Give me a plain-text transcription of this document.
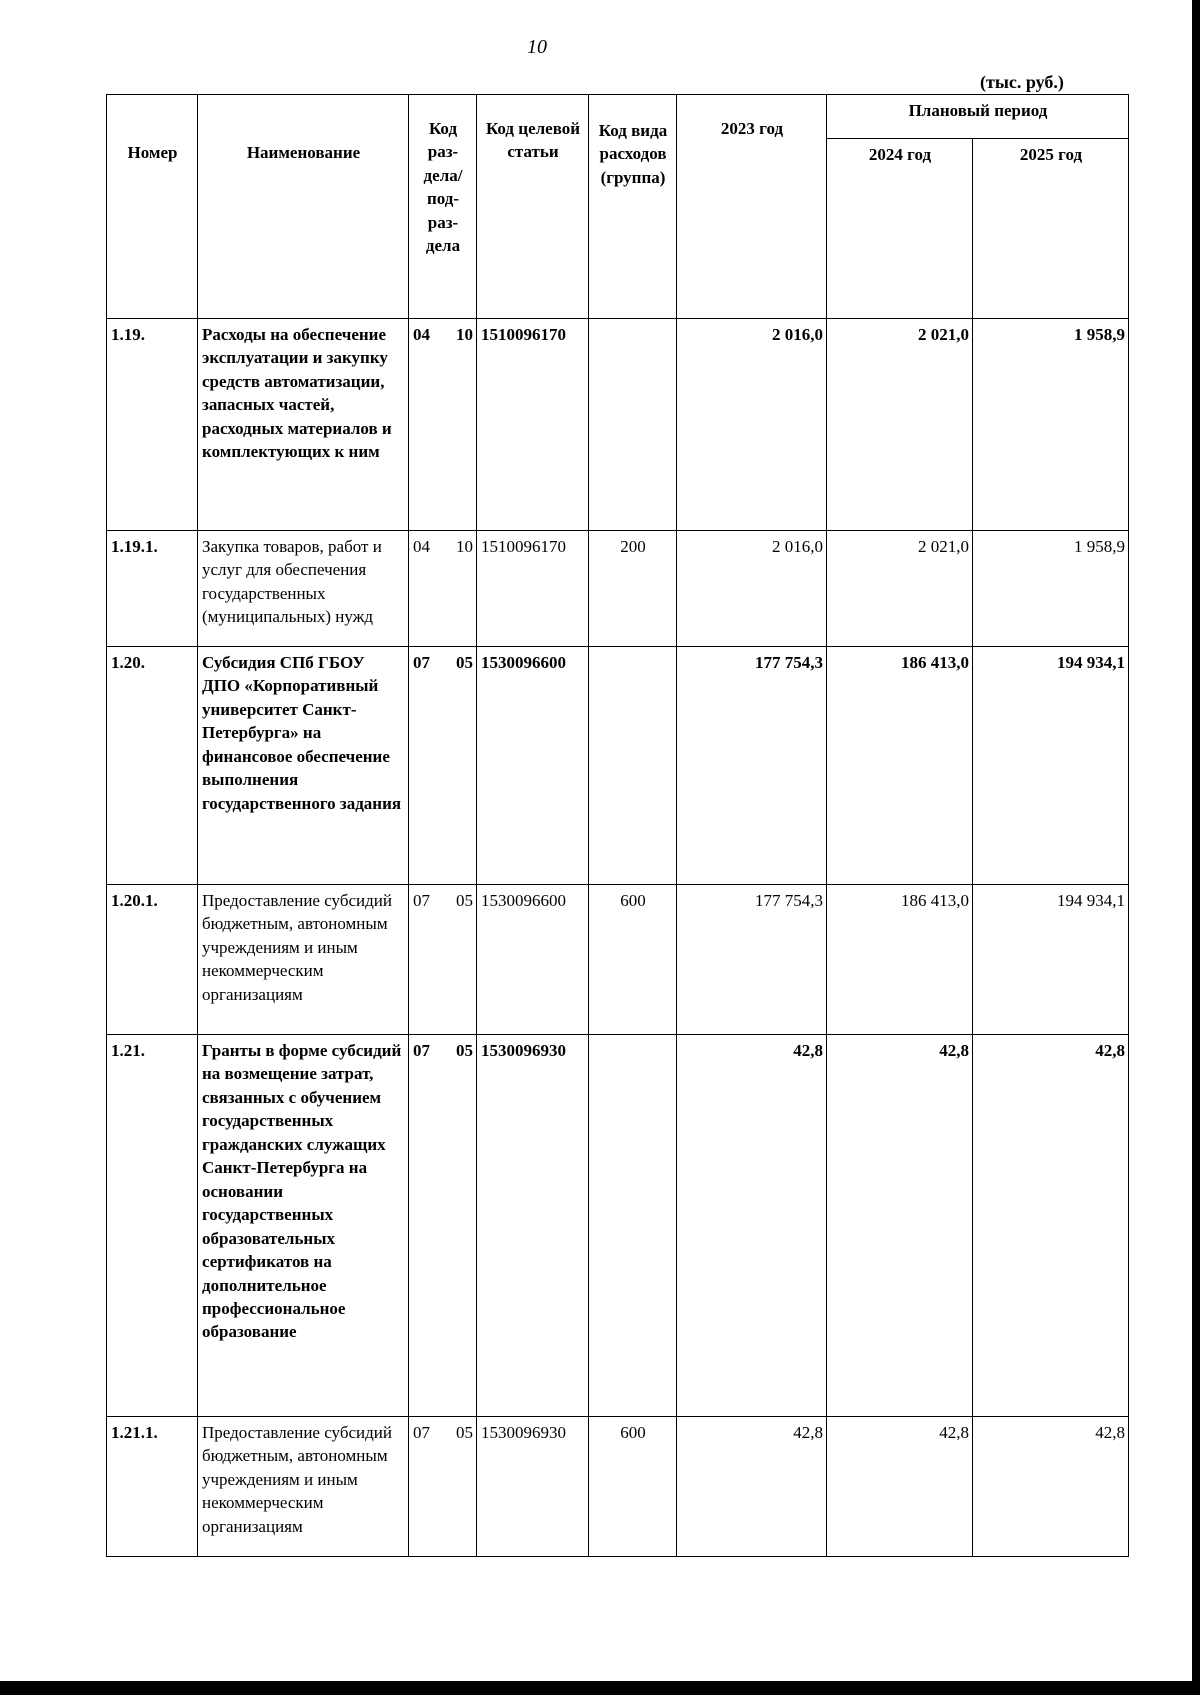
10
(тыс. руб.)
Номер	Наименование	Код раз-дела/ под-раз-дела	Код целевой статьи	Код вида расходов (группа)	2023 год	Плановый период	
						2024 год	2025 год
1.19.	Расходы на обеспечение эксплуатации и закупку средств автоматизации, запасных частей, расходных материалов и комплектующих к ним	04 10	1510096170		2 016,0	2 021,0	1 958,9
1.19.1.	Закупка товаров, работ и услуг для обеспечения государственных (муниципальных) нужд	04 10	1510096170	200	2 016,0	2 021,0	1 958,9
1.20.	Субсидия СПб ГБОУ ДПО «Корпоративный университет Санкт-Петербурга» на финансовое обеспечение выполнения государственного задания	07 05	1530096600		177 754,3	186 413,0	194 934,1
1.20.1.	Предоставление субсидий бюджетным, автономным учреждениям и иным некоммерческим организациям	07 05	1530096600	600	177 754,3	186 413,0	194 934,1
1.21.	Гранты в форме субсидий на возмещение затрат, связанных с обучением государственных гражданских служащих Санкт-Петербурга на основании государственных образовательных сертификатов на дополнительное профессиональное образование	07 05	1530096930		42,8	42,8	42,8
1.21.1.	Предоставление субсидий бюджетным, автономным учреждениям и иным некоммерческим организациям	07 05	1530096930	600	42,8	42,8	42,8
